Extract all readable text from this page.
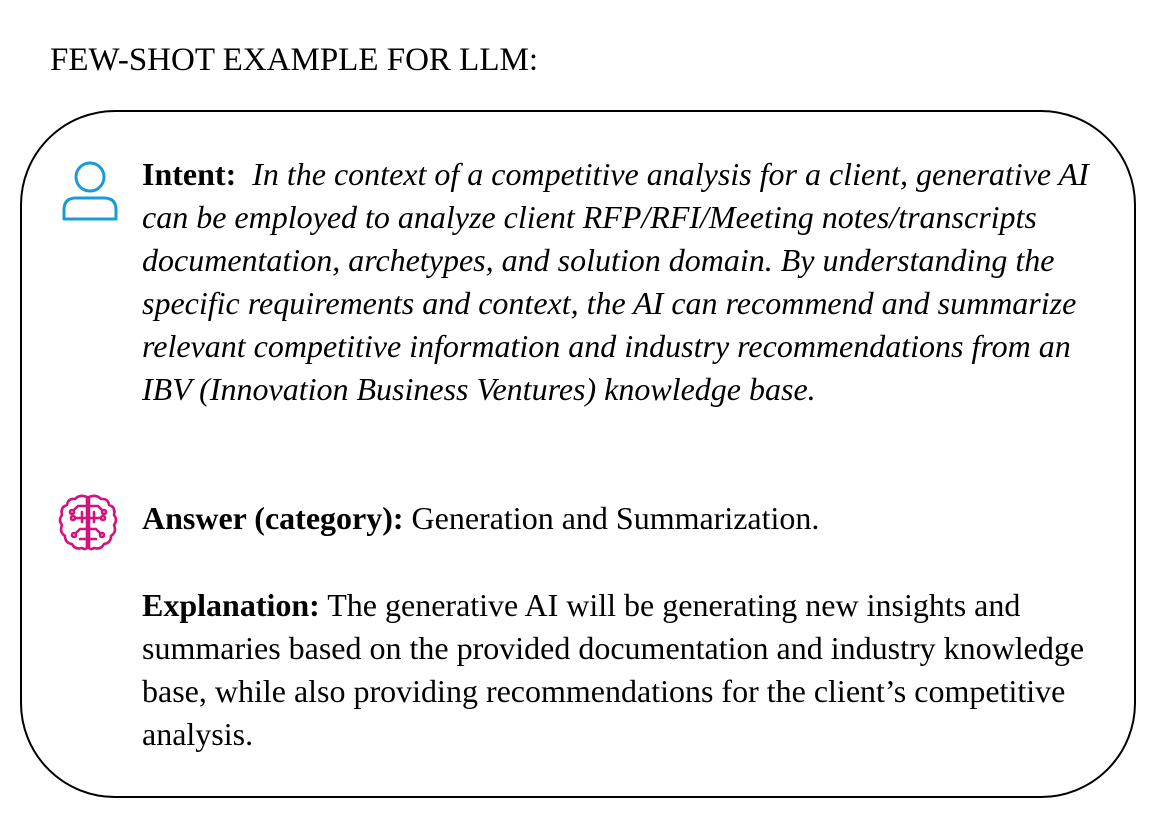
FEW-SHOT EXAMPLE FOR LLM:
Intent: In the context of a competitive analysis for a client, generative AI can be employed to analyze client RFP/RFI/Meeting notes/transcripts documentation, archetypes, and solution domain. By understanding the specific requirements and context, the AI can recommend and summarize relevant competitive information and industry recommendations from an IBV (Innovation Business Ventures) knowledge base.
Answer (category): Generation and Summarization.
Explanation: The generative AI will be generating new insights and summaries based on the provided documentation and industry knowledge base, while also providing recommendations for the client’s competitive analysis.
